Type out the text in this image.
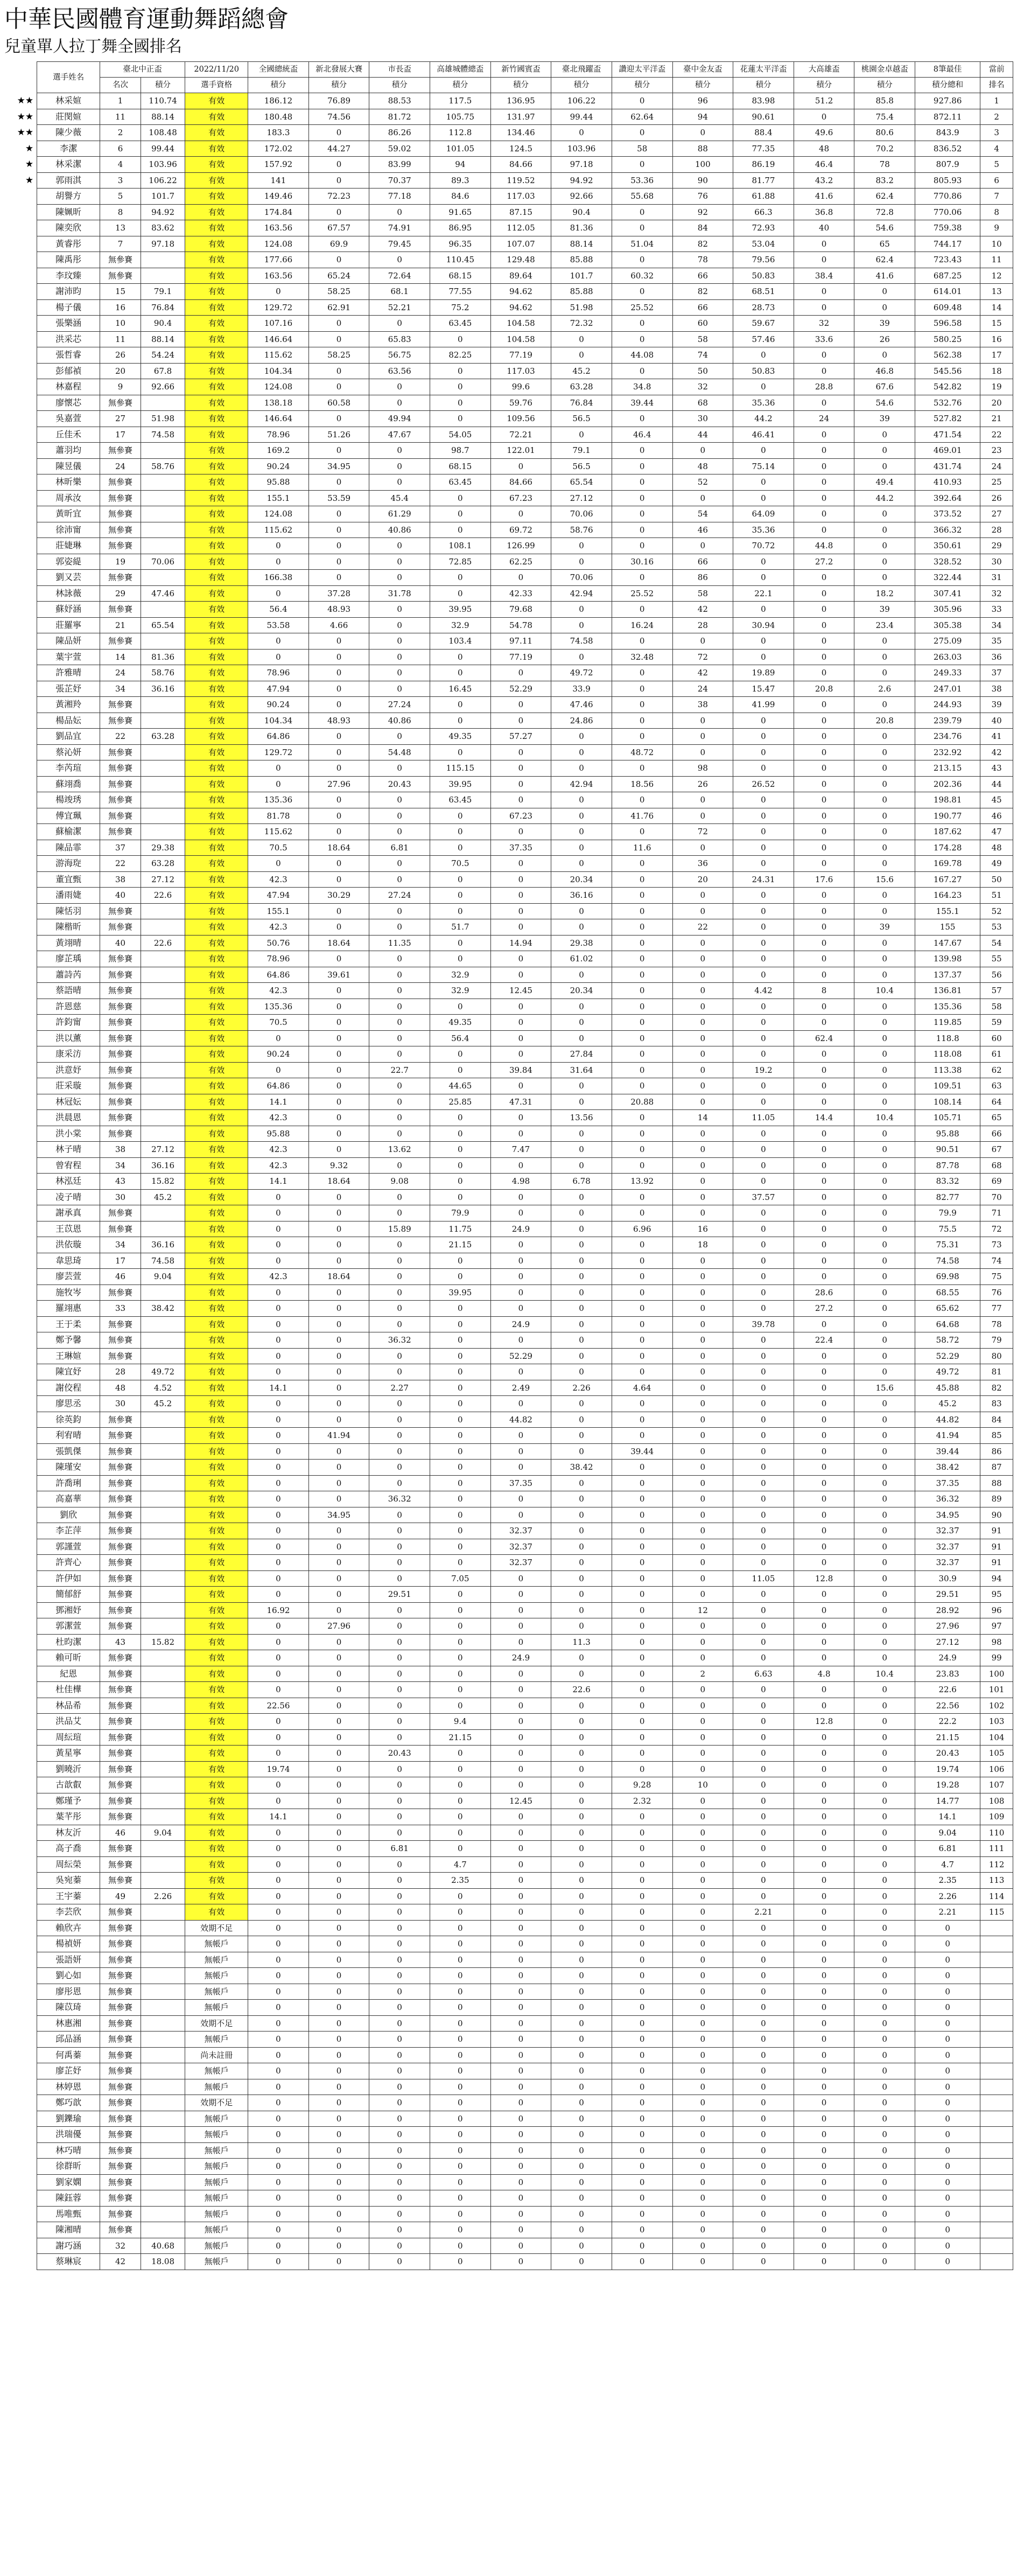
中華民國體育運動舞蹈總會
兒童單人拉丁舞全國排名
	選手姓名	臺北中正盃		2022/11/20	全國總統盃	新北發展大賽	市長盃	高雄城體總盃	新竹國賓盃	臺北飛躍盃	讚迎太平洋盃	臺中金友盃	花蓮太平洋盃	大高雄盃	桃園金卓越盃	8筆最佳	當前
		名次	積分	選手資格	積分	積分	積分	積分	積分	積分	積分	積分	積分	積分	積分	積分總和	排名
★★	林采媗	1	110.74	有效	186.12	76.89	88.53	117.5	136.95	106.22	0	96	83.98	51.2	85.8	927.86	1
★★	莊閔媗	11	88.14	有效	180.48	74.56	81.72	105.75	131.97	99.44	62.64	94	90.61	0	75.4	872.11	2
★★	陳少薇	2	108.48	有效	183.3	0	86.26	112.8	134.46	0	0	0	88.4	49.6	80.6	843.9	3
★	李潔	6	99.44	有效	172.02	44.27	59.02	101.05	124.5	103.96	58	88	77.35	48	70.2	836.52	4
★	林采潔	4	103.96	有效	157.92	0	83.99	94	84.66	97.18	0	100	86.19	46.4	78	807.9	5
★	郭雨淇	3	106.22	有效	141	0	70.37	89.3	119.52	94.92	53.36	90	81.77	43.2	83.2	805.93	6
	胡譽方	5	101.7	有效	149.46	72.23	77.18	84.6	117.03	92.66	55.68	76	61.88	41.6	62.4	770.86	7
	陳姵昕	8	94.92	有效	174.84	0	0	91.65	87.15	90.4	0	92	66.3	36.8	72.8	770.06	8
	陳奕欣	13	83.62	有效	163.56	67.57	74.91	86.95	112.05	81.36	0	84	72.93	40	54.6	759.38	9
	黃睿彤	7	97.18	有效	124.08	69.9	79.45	96.35	107.07	88.14	51.04	82	53.04	0	65	744.17	10
	陳禹彤	無參賽		有效	177.66	0	0	110.45	129.48	85.88	0	78	79.56	0	62.4	723.43	11
	李玟臻	無參賽		有效	163.56	65.24	72.64	68.15	89.64	101.7	60.32	66	50.83	38.4	41.6	687.25	12
	謝沛昀	15	79.1	有效	0	58.25	68.1	77.55	94.62	85.88	0	82	68.51	0	0	614.01	13
	楊子儀	16	76.84	有效	129.72	62.91	52.21	75.2	94.62	51.98	25.52	66	28.73	0	0	609.48	14
	張樂涵	10	90.4	有效	107.16	0	0	63.45	104.58	72.32	0	60	59.67	32	39	596.58	15
	洪采芯	11	88.14	有效	146.64	0	65.83	0	104.58	0	0	58	57.46	33.6	26	580.25	16
	張哲睿	26	54.24	有效	115.62	58.25	56.75	82.25	77.19	0	44.08	74	0	0	0	562.38	17
	彭郁禎	20	67.8	有效	104.34	0	63.56	0	117.03	45.2	0	50	50.83	0	46.8	545.56	18
	林嘉程	9	92.66	有效	124.08	0	0	0	99.6	63.28	34.8	32	0	28.8	67.6	542.82	19
	廖懷芯	無參賽		有效	138.18	60.58	0	0	59.76	76.84	39.44	68	35.36	0	54.6	532.76	20
	吳嘉萱	27	51.98	有效	146.64	0	49.94	0	109.56	56.5	0	30	44.2	24	39	527.82	21
	丘佳禾	17	74.58	有效	78.96	51.26	47.67	54.05	72.21	0	46.4	44	46.41	0	0	471.54	22
	蕭羽均	無參賽		有效	169.2	0	0	98.7	122.01	79.1	0	0	0	0	0	469.01	23
	陳昱儀	24	58.76	有效	90.24	34.95	0	68.15	0	56.5	0	48	75.14	0	0	431.74	24
	林昕樂	無參賽		有效	95.88	0	0	63.45	84.66	65.54	0	52	0	0	49.4	410.93	25
	周承汝	無參賽		有效	155.1	53.59	45.4	0	67.23	27.12	0	0	0	0	44.2	392.64	26
	黃昕宜	無參賽		有效	124.08	0	61.29	0	0	70.06	0	54	64.09	0	0	373.52	27
	徐沛甯	無參賽		有效	115.62	0	40.86	0	69.72	58.76	0	46	35.36	0	0	366.32	28
	莊婕琳	無參賽		有效	0	0	0	108.1	126.99	0	0	0	70.72	44.8	0	350.61	29
	郭姿緹	19	70.06	有效	0	0	0	72.85	62.25	0	30.16	66	0	27.2	0	328.52	30
	劉又芸	無參賽		有效	166.38	0	0	0	0	70.06	0	86	0	0	0	322.44	31
	林詠薇	29	47.46	有效	0	37.28	31.78	0	42.33	42.94	25.52	58	22.1	0	18.2	307.41	32
	蘇妤涵	無參賽		有效	56.4	48.93	0	39.95	79.68	0	0	42	0	0	39	305.96	33
	莊羅寧	21	65.54	有效	53.58	4.66	0	32.9	54.78	0	16.24	28	30.94	0	23.4	305.38	34
	陳品妍	無參賽		有效	0	0	0	103.4	97.11	74.58	0	0	0	0	0	275.09	35
	葉宇萱	14	81.36	有效	0	0	0	0	77.19	0	32.48	72	0	0	0	263.03	36
	許雅晴	24	58.76	有效	78.96	0	0	0	0	49.72	0	42	19.89	0	0	249.33	37
	張芷妤	34	36.16	有效	47.94	0	0	16.45	52.29	33.9	0	24	15.47	20.8	2.6	247.01	38
	黃湘羚	無參賽		有效	90.24	0	27.24	0	0	47.46	0	38	41.99	0	0	244.93	39
	楊品妘	無參賽		有效	104.34	48.93	40.86	0	0	24.86	0	0	0	0	20.8	239.79	40
	劉品宜	22	63.28	有效	64.86	0	0	49.35	57.27	0	0	0	0	0	0	234.76	41
	蔡沁妍	無參賽		有效	129.72	0	54.48	0	0	0	48.72	0	0	0	0	232.92	42
	李芮瑄	無參賽		有效	0	0	0	115.15	0	0	0	98	0	0	0	213.15	43
	蘇翊喬	無參賽		有效	0	27.96	20.43	39.95	0	42.94	18.56	26	26.52	0	0	202.36	44
	楊竣琇	無參賽		有效	135.36	0	0	63.45	0	0	0	0	0	0	0	198.81	45
	傅宜珮	無參賽		有效	81.78	0	0	0	67.23	0	41.76	0	0	0	0	190.77	46
	蘇榆潔	無參賽		有效	115.62	0	0	0	0	0	0	72	0	0	0	187.62	47
	陳品霏	37	29.38	有效	70.5	18.64	6.81	0	37.35	0	11.6	0	0	0	0	174.28	48
	游海琁	22	63.28	有效	0	0	0	70.5	0	0	0	36	0	0	0	169.78	49
	董宜甄	38	27.12	有效	42.3	0	0	0	0	20.34	0	20	24.31	17.6	15.6	167.27	50
	潘雨婕	40	22.6	有效	47.94	30.29	27.24	0	0	36.16	0	0	0	0	0	164.23	51
	陳恬羽	無參賽		有效	155.1	0	0	0	0	0	0	0	0	0	0	155.1	52
	陳楷昕	無參賽		有效	42.3	0	0	51.7	0	0	0	22	0	0	39	155	53
	黃翊晴	40	22.6	有效	50.76	18.64	11.35	0	14.94	29.38	0	0	0	0	0	147.67	54
	廖芷瑀	無參賽		有效	78.96	0	0	0	0	61.02	0	0	0	0	0	139.98	55
	蕭詩芮	無參賽		有效	64.86	39.61	0	32.9	0	0	0	0	0	0	0	137.37	56
	蔡語晴	無參賽		有效	42.3	0	0	32.9	12.45	20.34	0	0	4.42	8	10.4	136.81	57
	許恩慈	無參賽		有效	135.36	0	0	0	0	0	0	0	0	0	0	135.36	58
	許鈞甯	無參賽		有效	70.5	0	0	49.35	0	0	0	0	0	0	0	119.85	59
	洪以薰	無參賽		有效	0	0	0	56.4	0	0	0	0	0	62.4	0	118.8	60
	康采汸	無參賽		有效	90.24	0	0	0	0	27.84	0	0	0	0	0	118.08	61
	洪意妤	無參賽		有效	0	0	22.7	0	39.84	31.64	0	0	19.2	0	0	113.38	62
	莊采璇	無參賽		有效	64.86	0	0	44.65	0	0	0	0	0	0	0	109.51	63
	林冠妘	無參賽		有效	14.1	0	0	25.85	47.31	0	20.88	0	0	0	0	108.14	64
	洪晨恩	無參賽		有效	42.3	0	0	0	0	13.56	0	14	11.05	14.4	10.4	105.71	65
	洪小棠	無參賽		有效	95.88	0	0	0	0	0	0	0	0	0	0	95.88	66
	林子晴	38	27.12	有效	42.3	0	13.62	0	7.47	0	0	0	0	0	0	90.51	67
	曾宥程	34	36.16	有效	42.3	9.32	0	0	0	0	0	0	0	0	0	87.78	68
	林泓廷	43	15.82	有效	14.1	18.64	9.08	0	4.98	6.78	13.92	0	0	0	0	83.32	69
	凌子晴	30	45.2	有效	0	0	0	0	0	0	0	0	37.57	0	0	82.77	70
	謝承真	無參賽		有效	0	0	0	79.9	0	0	0	0	0	0	0	79.9	71
	王苡恩	無參賽		有效	0	0	15.89	11.75	24.9	0	6.96	16	0	0	0	75.5	72
	洪依璇	34	36.16	有效	0	0	0	21.15	0	0	0	18	0	0	0	75.31	73
	韋思琦	17	74.58	有效	0	0	0	0	0	0	0	0	0	0	0	74.58	74
	廖芸萱	46	9.04	有效	42.3	18.64	0	0	0	0	0	0	0	0	0	69.98	75
	施牧岑	無參賽		有效	0	0	0	39.95	0	0	0	0	0	28.6	0	68.55	76
	羅翊惠	33	38.42	有效	0	0	0	0	0	0	0	0	0	27.2	0	65.62	77
	王于柔	無參賽		有效	0	0	0	0	24.9	0	0	0	39.78	0	0	64.68	78
	鄭予馨	無參賽		有效	0	0	36.32	0	0	0	0	0	0	22.4	0	58.72	79
	王琳媗	無參賽		有效	0	0	0	0	52.29	0	0	0	0	0	0	52.29	80
	陳宜妤	28	49.72	有效	0	0	0	0	0	0	0	0	0	0	0	49.72	81
	謝佼程	48	4.52	有效	14.1	0	2.27	0	2.49	2.26	4.64	0	0	0	15.6	45.88	82
	廖思丞	30	45.2	有效	0	0	0	0	0	0	0	0	0	0	0	45.2	83
	徐英鈞	無參賽		有效	0	0	0	0	44.82	0	0	0	0	0	0	44.82	84
	利宥晴	無參賽		有效	0	41.94	0	0	0	0	0	0	0	0	0	41.94	85
	張凱傑	無參賽		有效	0	0	0	0	0	0	39.44	0	0	0	0	39.44	86
	陳瑾安	無參賽		有效	0	0	0	0	0	38.42	0	0	0	0	0	38.42	87
	許喬琍	無參賽		有效	0	0	0	0	37.35	0	0	0	0	0	0	37.35	88
	高嘉華	無參賽		有效	0	0	36.32	0	0	0	0	0	0	0	0	36.32	89
	劉欣	無參賽		有效	0	34.95	0	0	0	0	0	0	0	0	0	34.95	90
	李芷萍	無參賽		有效	0	0	0	0	32.37	0	0	0	0	0	0	32.37	91
	郭謹萱	無參賽		有效	0	0	0	0	32.37	0	0	0	0	0	0	32.37	91
	許齊心	無參賽		有效	0	0	0	0	32.37	0	0	0	0	0	0	32.37	91
	許伊如	無參賽		有效	0	0	0	7.05	0	0	0	0	11.05	12.8	0	30.9	94
	簡郁舒	無參賽		有效	0	0	29.51	0	0	0	0	0	0	0	0	29.51	95
	鄧湘妤	無參賽		有效	16.92	0	0	0	0	0	0	12	0	0	0	28.92	96
	郭潔萱	無參賽		有效	0	27.96	0	0	0	0	0	0	0	0	0	27.96	97
	杜昀潔	43	15.82	有效	0	0	0	0	0	11.3	0	0	0	0	0	27.12	98
	賴可昕	無參賽		有效	0	0	0	0	24.9	0	0	0	0	0	0	24.9	99
	紀恩	無參賽		有效	0	0	0	0	0	0	0	2	6.63	4.8	10.4	23.83	100
	杜佳樺	無參賽		有效	0	0	0	0	0	22.6	0	0	0	0	0	22.6	101
	林品希	無參賽		有效	22.56	0	0	0	0	0	0	0	0	0	0	22.56	102
	洪品艾	無參賽		有效	0	0	0	9.4	0	0	0	0	0	12.8	0	22.2	103
	周紜瑄	無參賽		有效	0	0	0	21.15	0	0	0	0	0	0	0	21.15	104
	黃星寧	無參賽		有效	0	0	20.43	0	0	0	0	0	0	0	0	20.43	105
	劉曉沂	無參賽		有效	19.74	0	0	0	0	0	0	0	0	0	0	19.74	106
	古歆叡	無參賽		有效	0	0	0	0	0	0	9.28	10	0	0	0	19.28	107
	鄭瑾予	無參賽		有效	0	0	0	0	12.45	0	2.32	0	0	0	0	14.77	108
	葉芊彤	無參賽		有效	14.1	0	0	0	0	0	0	0	0	0	0	14.1	109
	林友沂	46	9.04	有效	0	0	0	0	0	0	0	0	0	0	0	9.04	110
	高子喬	無參賽		有效	0	0	6.81	0	0	0	0	0	0	0	0	6.81	111
	周紜榮	無參賽		有效	0	0	0	4.7	0	0	0	0	0	0	0	4.7	112
	吳宛蓁	無參賽		有效	0	0	0	2.35	0	0	0	0	0	0	0	2.35	113
	王宇蓁	49	2.26	有效	0	0	0	0	0	0	0	0	0	0	0	2.26	114
	李芸欣	無參賽		有效	0	0	0	0	0	0	0	0	2.21	0	0	2.21	115
	賴欣卉	無參賽		效期不足	0	0	0	0	0	0	0	0	0	0	0	0	
	楊禎妍	無參賽		無帳戶	0	0	0	0	0	0	0	0	0	0	0	0	
	張語妍	無參賽		無帳戶	0	0	0	0	0	0	0	0	0	0	0	0	
	劉心如	無參賽		無帳戶	0	0	0	0	0	0	0	0	0	0	0	0	
	廖彤恩	無參賽		無帳戶	0	0	0	0	0	0	0	0	0	0	0	0	
	陳苡琦	無參賽		無帳戶	0	0	0	0	0	0	0	0	0	0	0	0	
	林惠湘	無參賽		效期不足	0	0	0	0	0	0	0	0	0	0	0	0	
	邱品涵	無參賽		無帳戶	0	0	0	0	0	0	0	0	0	0	0	0	
	何禹蓁	無參賽		尚未註冊	0	0	0	0	0	0	0	0	0	0	0	0	
	廖芷妤	無參賽		無帳戶	0	0	0	0	0	0	0	0	0	0	0	0	
	林婷恩	無參賽		無帳戶	0	0	0	0	0	0	0	0	0	0	0	0	
	鄭巧歆	無參賽		效期不足	0	0	0	0	0	0	0	0	0	0	0	0	
	劉鑠瑜	無參賽		無帳戶	0	0	0	0	0	0	0	0	0	0	0	0	
	洪瑞優	無參賽		無帳戶	0	0	0	0	0	0	0	0	0	0	0	0	
	林巧晴	無參賽		無帳戶	0	0	0	0	0	0	0	0	0	0	0	0	
	徐群昕	無參賽		無帳戶	0	0	0	0	0	0	0	0	0	0	0	0	
	劉家嫻	無參賽		無帳戶	0	0	0	0	0	0	0	0	0	0	0	0	
	陳鈺蓉	無參賽		無帳戶	0	0	0	0	0	0	0	0	0	0	0	0	
	馬唯甄	無參賽		無帳戶	0	0	0	0	0	0	0	0	0	0	0	0	
	陳湘晴	無參賽		無帳戶	0	0	0	0	0	0	0	0	0	0	0	0	
	謝巧涵	32	40.68	無帳戶	0	0	0	0	0	0	0	0	0	0	0	0	
	蔡琳宸	42	18.08	無帳戶	0	0	0	0	0	0	0	0	0	0	0	0	
